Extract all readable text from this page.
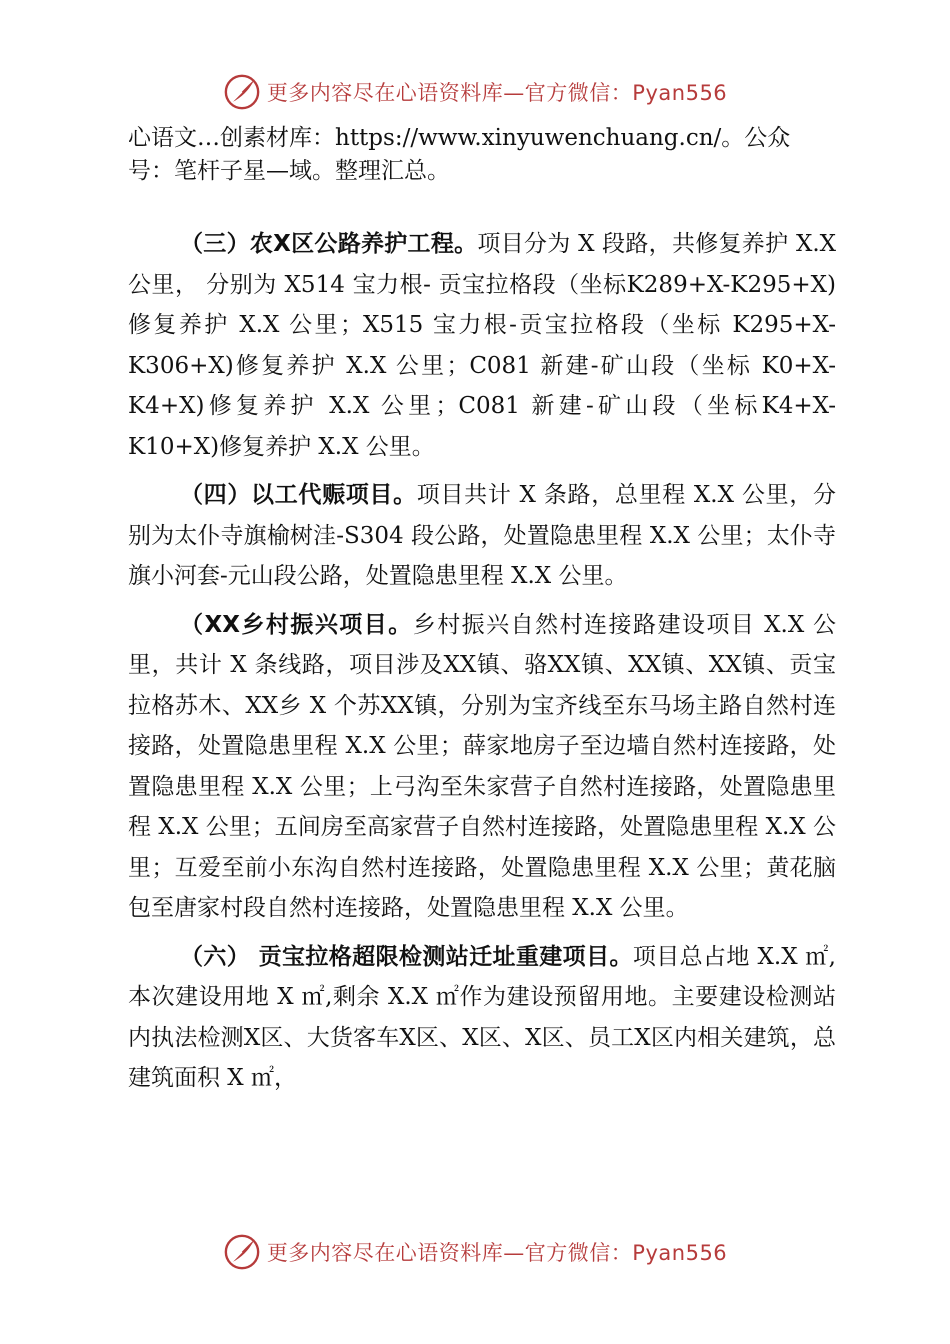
更多内容尽在心语资料库—官方微信：Pyan556

心语文…创素材库：https://www.xinyuwenchuang.cn/。公众号：笔杆子星—域。整理汇总。

（三）农X区公路养护工程。项目分为 X 段路，共修复养护 X.X 公里， 分别为 X514 宝力根- 贡宝拉格段（坐标K289+X-K295+X)修复养护 X.X 公里；X515 宝力根-贡宝拉格段（坐标 K295+X-K306+X)修复养护 X.X 公里；C081 新建-矿山段（坐标 K0+X-K4+X)修复养护 X.X 公里；C081 新建-矿山段（坐标K4+X-K10+X)修复养护 X.X 公里。

（四）以工代赈项目。项目共计 X 条路，总里程 X.X 公里，分别为太仆寺旗榆树洼-S304 段公路，处置隐患里程 X.X 公里；太仆寺旗小河套-元山段公路，处置隐患里程 X.X 公里。

（XX乡村振兴项目。乡村振兴自然村连接路建设项目 X.X 公里，共计 X 条线路，项目涉及XX镇、骆XX镇、XX镇、XX镇、贡宝拉格苏木、XX乡 X 个苏XX镇，分别为宝齐线至东马场主路自然村连接路，处置隐患里程 X.X 公里；薛家地房子至边墙自然村连接路，处置隐患里程 X.X 公里；上弓沟至朱家营子自然村连接路，处置隐患里程 X.X 公里；五间房至高家营子自然村连接路，处置隐患里程 X.X 公里；互爱至前小东沟自然村连接路，处置隐患里程 X.X 公里；黄花脑包至唐家村段自然村连接路，处置隐患里程 X.X 公里。

（六） 贡宝拉格超限检测站迁址重建项目。项目总占地 X.X ㎡,本次建设用地 X ㎡,剩余 X.X ㎡作为建设预留用地。主要建设检测站内执法检测X区、大货客车X区、X区、X区、员工X区内相关建筑，总建筑面积 X ㎡，

更多内容尽在心语资料库—官方微信：Pyan556
